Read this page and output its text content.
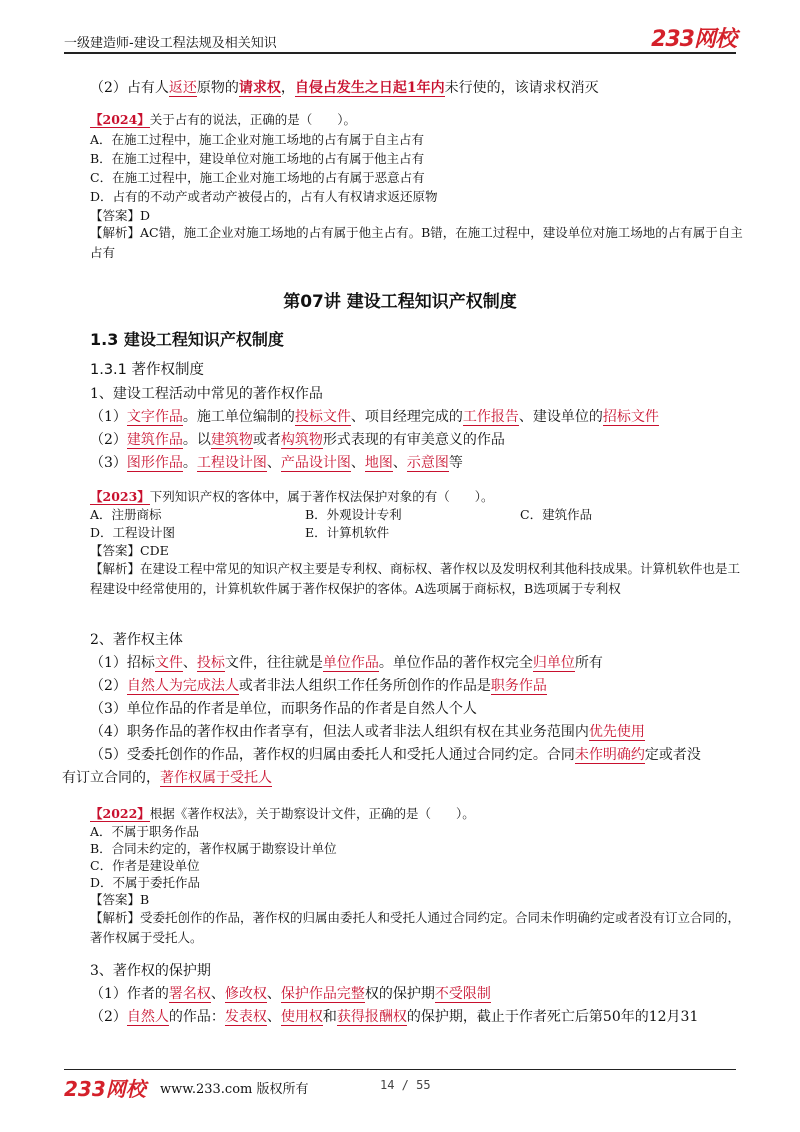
一级建造师-建设工程法规及相关知识	233网校
（2）占有人返还原物的请求权，自侵占发生之日起1年内未行使的，该请求权消灭
【2024】关于占有的说法，正确的是（　　）。
A．在施工过程中，施工企业对施工场地的占有属于自主占有
B．在施工过程中，建设单位对施工场地的占有属于他主占有
C．在施工过程中，施工企业对施工场地的占有属于恶意占有
D．占有的不动产或者动产被侵占的，占有人有权请求返还原物
【答案】D
【解析】AC错，施工企业对施工场地的占有属于他主占有。B错，在施工过程中，建设单位对施工场地的占有属于自主占有
第07讲 建设工程知识产权制度
1.3 建设工程知识产权制度
1.3.1 著作权制度
1、建设工程活动中常见的著作权作品
（1）文字作品。施工单位编制的投标文件、项目经理完成的工作报告、建设单位的招标文件
（2）建筑作品。以建筑物或者构筑物形式表现的有审美意义的作品
（3）图形作品。工程设计图、产品设计图、地图、示意图等
【2023】下列知识产权的客体中，属于著作权法保护对象的有（　　）。
A．注册商标	B．外观设计专利	C．建筑作品
D．工程设计图	E．计算机软件
【答案】CDE
【解析】在建设工程中常见的知识产权主要是专利权、商标权、著作权以及发明权利其他科技成果。计算机软件也是工程建设中经常使用的，计算机软件属于著作权保护的客体。A选项属于商标权，B选项属于专利权
2、著作权主体
（1）招标文件、投标文件，往往就是单位作品。单位作品的著作权完全归单位所有
（2）自然人为完成法人或者非法人组织工作任务所创作的作品是职务作品
（3）单位作品的作者是单位，而职务作品的作者是自然人个人
（4）职务作品的著作权由作者享有，但法人或者非法人组织有权在其业务范围内优先使用
（5）受委托创作的作品，著作权的归属由委托人和受托人通过合同约定。合同未作明确约定或者没
有订立合同的，著作权属于受托人
【2022】根据《著作权法》，关于勘察设计文件，正确的是（　　）。
A．不属于职务作品
B．合同未约定的，著作权属于勘察设计单位
C．作者是建设单位
D．不属于委托作品
【答案】B
【解析】受委托创作的作品，著作权的归属由委托人和受托人通过合同约定。合同未作明确约定或者没有订立合同的，著作权属于受托人。
3、著作权的保护期
（1）作者的署名权、修改权、保护作品完整权的保护期不受限制
（2）自然人的作品：发表权、使用权和获得报酬权的保护期，截止于作者死亡后第50年的12月31
233网校 www.233.com 版权所有	14 / 55
